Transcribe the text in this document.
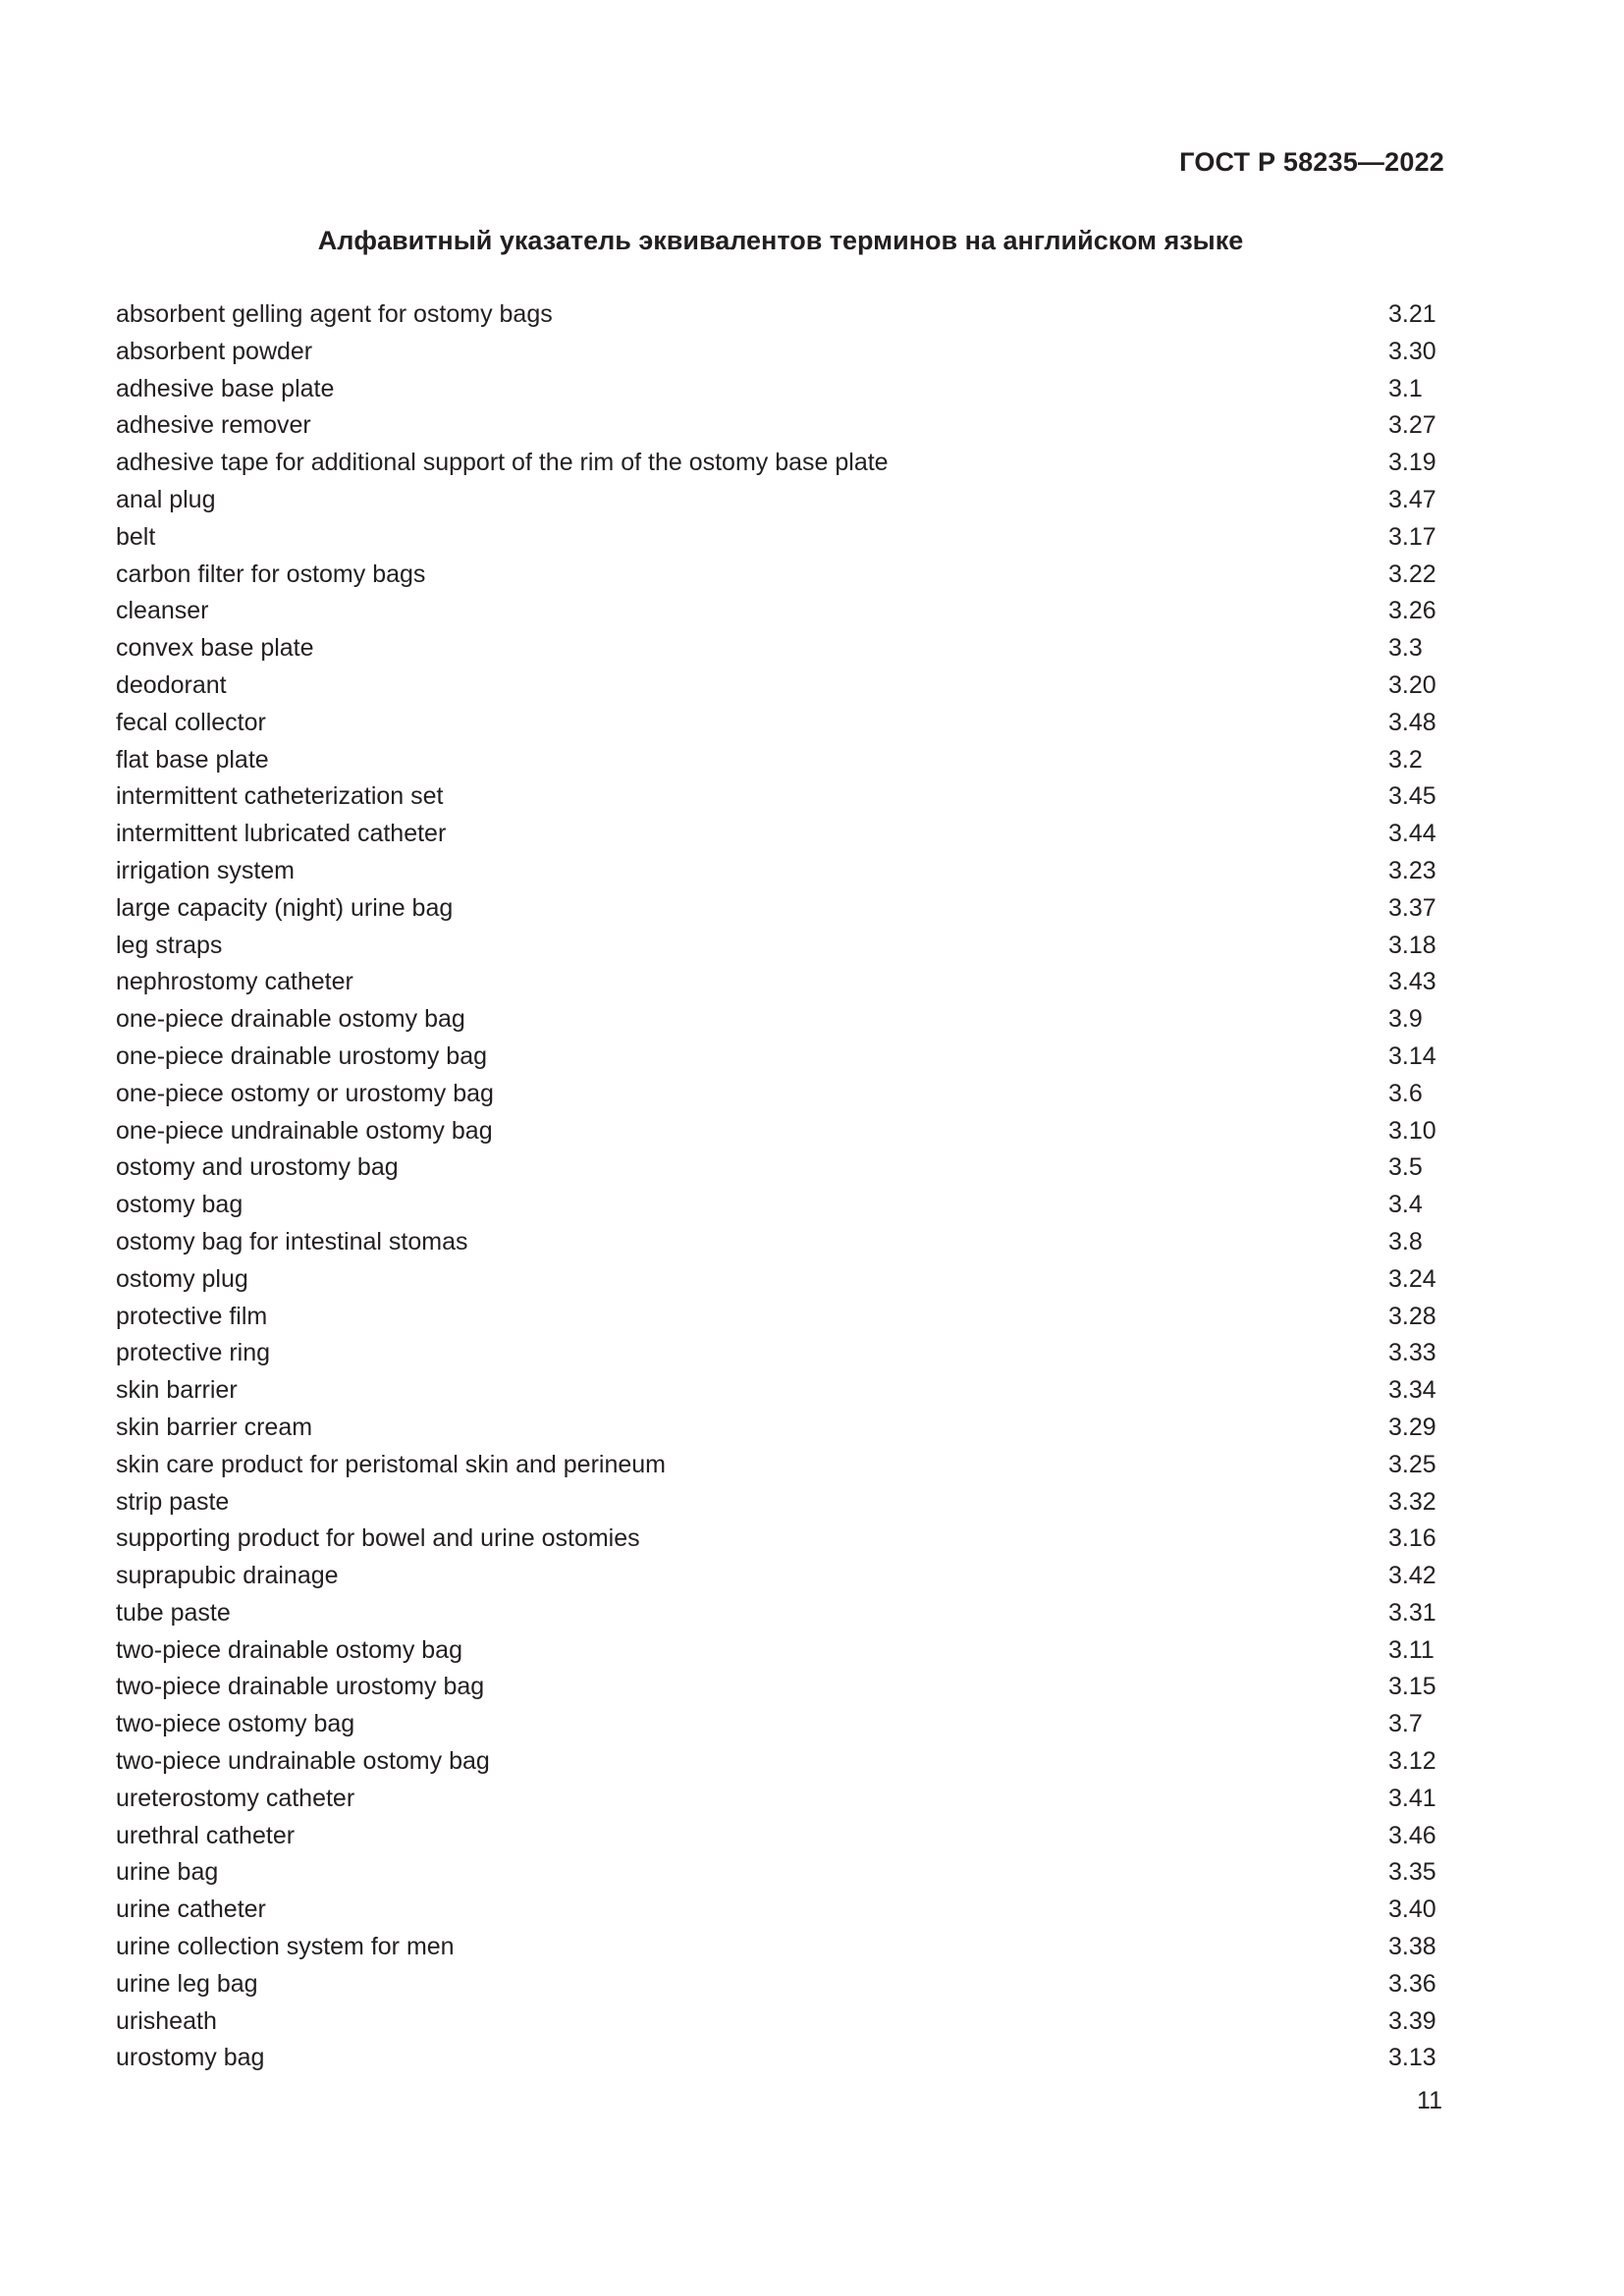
ГОСТ Р 58235—2022
Алфавитный указатель эквивалентов терминов на английском языке
absorbent gelling agent for ostomy bags	3.21
absorbent powder	3.30
adhesive base plate	3.1
adhesive remover	3.27
adhesive tape for additional support of the rim of the ostomy base plate	3.19
anal plug	3.47
belt	3.17
carbon filter for ostomy bags	3.22
cleanser	3.26
convex base plate	3.3
deodorant	3.20
fecal collector	3.48
flat base plate	3.2
intermittent catheterization set	3.45
intermittent lubricated catheter	3.44
irrigation system	3.23
large capacity (night) urine bag	3.37
leg straps	3.18
nephrostomy catheter	3.43
one-piece drainable ostomy bag	3.9
one-piece drainable urostomy bag	3.14
one-piece ostomy or urostomy bag	3.6
one-piece undrainable ostomy bag	3.10
ostomy and urostomy bag	3.5
ostomy bag	3.4
ostomy bag for intestinal stomas	3.8
ostomy plug	3.24
protective film	3.28
protective ring	3.33
skin barrier	3.34
skin barrier cream	3.29
skin care product for peristomal skin and perineum	3.25
strip paste	3.32
supporting product for bowel and urine ostomies	3.16
suprapubic drainage	3.42
tube paste	3.31
two-piece drainable ostomy bag	3.11
two-piece drainable urostomy bag	3.15
two-piece ostomy bag	3.7
two-piece undrainable ostomy bag	3.12
ureterostomy catheter	3.41
urethral catheter	3.46
urine bag	3.35
urine catheter	3.40
urine collection system for men	3.38
urine leg bag	3.36
urisheath	3.39
urostomy bag	3.13
11
